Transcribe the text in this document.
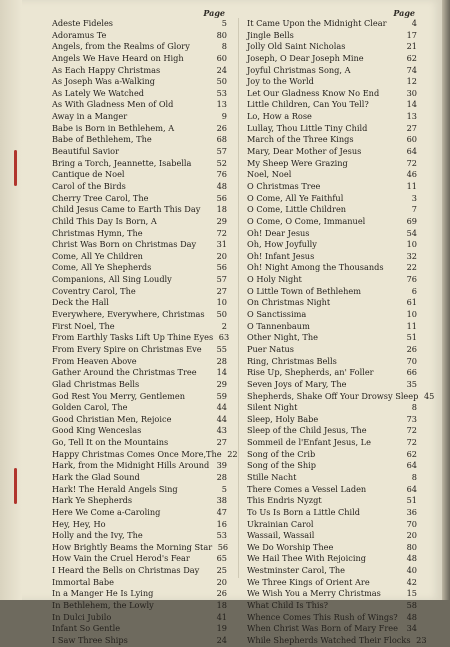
Page
Adeste Fideles	5
Adoramus Te	80
Angels, from the Realms of Glory	8
Angels We Have Heard on High	60
As Each Happy Christmas	24
As Joseph Was a-Walking	50
As Lately We Watched	53
As With Gladness Men of Old	13
Away in a Manger	9
Babe is Born in Bethlehem, A	26
Babe of Bethlehem, The	68
Beautiful Savior	57
Bring a Torch, Jeannette, Isabella	52
Cantique de Noel	76
Carol of the Birds	48
Cherry Tree Carol, The	56
Child Jesus Came to Earth This Day	18
Child This Day Is Born, A	29
Christmas Hymn, The	72
Christ Was Born on Christmas Day	31
Come, All Ye Children	20
Come, All Ye Shepherds	56
Companions, All Sing Loudly	57
Coventry Carol, The	27
Deck the Hall	10
Everywhere, Everywhere, Christmas	50
First Noel, The	2
From Earthly Tasks Lift Up Thine Eyes 63
From Every Spire on Christmas Eve	55
From Heaven Above	28
Gather Around the Christmas Tree	14
Glad Christmas Bells	29
God Rest You Merry, Gentlemen	59
Golden Carol, The	44
Good Christian Men, Rejoice	44
Good King Wenceslas	43
Go, Tell It on the Mountains	27
Happy Christmas Comes Once More,The 22
Hark, from the Midnight Hills Around 39
Hark the Glad Sound	28
Hark! The Herald Angels Sing	5
Hark Ye Shepherds	38
Here We Come a-Caroling	47
Hey, Hey, Ho	16
Holly and the Ivy, The	53
How Brightly Beams the Morning Star 56
How Vain the Cruel Herod's Fear	65
I Heard the Bells on Christmas Day	25
Immortal Babe	20
In a Manger He Is Lying	26
In Bethlehem, the Lowly	18
In Dulci Jubilo	41
Infant So Gentle	19
I Saw Three Ships	24
Page
It Came Upon the Midnight Clear	4
Jingle Bells	17
Jolly Old Saint Nicholas	21
Joseph, O Dear Joseph Mine	62
Joyful Christmas Song, A	74
Joy to the World	12
Let Our Gladness Know No End	30
Little Children, Can You Tell?	14
Lo, How a Rose	13
Lullay, Thou Little Tiny Child	27
March of the Three Kings	60
Mary, Dear Mother of Jesus	64
My Sheep Were Grazing	72
Noel, Noel	46
O Christmas Tree	11
O Come, All Ye Faithful	3
O Come, Little Children	7
O Come, O Come, Immanuel	69
Oh! Dear Jesus	54
Oh, How Joyfully	10
Oh! Infant Jesus	32
Oh! Night Among the Thousands	22
O Holy Night	76
O Little Town of Bethlehem	6
On Christmas Night	61
O Sanctissima	10
O Tannenbaum	11
Other Night, The	51
Puer Natus	26
Ring, Christmas Bells	70
Rise Up, Shepherds, an' Foller	66
Seven Joys of Mary, The	35
Shepherds, Shake Off Your Drowsy Sleep 45
Silent Night	8
Sleep, Holy Babe	73
Sleep of the Child Jesus, The	72
Sommeil de l'Enfant Jesus, Le	72
Song of the Crib	62
Song of the Ship	64
Stille Nacht	8
There Comes a Vessel Laden	64
This Endris Nyzgt	51
To Us Is Born a Little Child	36
Ukrainian Carol	70
Wassail, Wassail	20
We Do Worship Thee	80
We Hail Thee With Rejoicing	48
Westminster Carol, The	40
We Three Kings of Orient Are	42
We Wish You a Merry Christmas	15
What Child Is This?	58
Whence Comes This Rush of Wings?	48
When Christ Was Born of Mary Free	34
While Shepherds Watched Their Flocks 23
